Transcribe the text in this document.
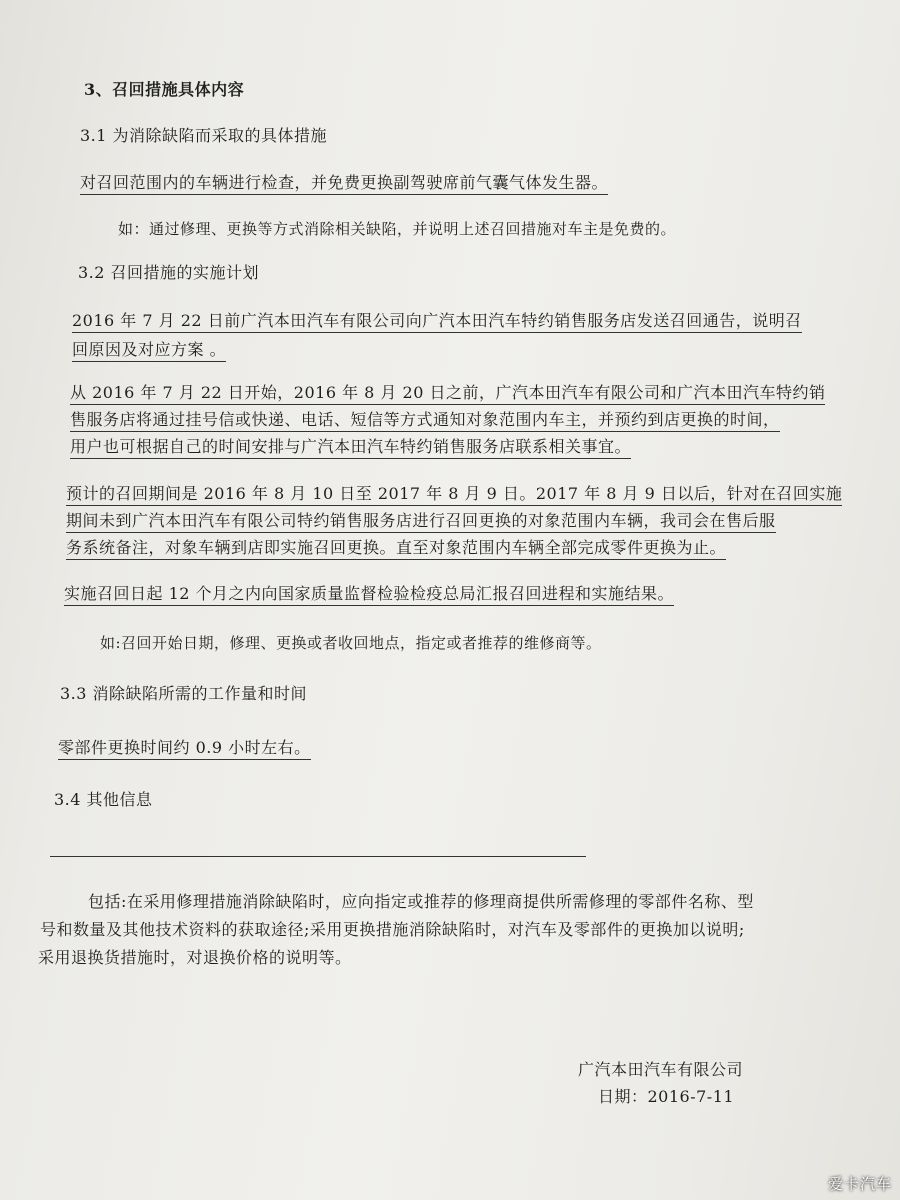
3、召回措施具体内容
3.1 为消除缺陷而采取的具体措施
对召回范围内的车辆进行检查，并免费更换副驾驶席前气囊气体发生器。
如：通过修理、更换等方式消除相关缺陷，并说明上述召回措施对车主是免费的。
3.2 召回措施的实施计划
2016 年 7 月 22 日前广汽本田汽车有限公司向广汽本田汽车特约销售服务店发送召回通告，说明召
回原因及对应方案 。
从 2016 年 7 月 22 日开始，2016 年 8 月 20 日之前，广汽本田汽车有限公司和广汽本田汽车特约销
售服务店将通过挂号信或快递、电话、短信等方式通知对象范围内车主，并预约到店更换的时间，
用户也可根据自己的时间安排与广汽本田汽车特约销售服务店联系相关事宜。
预计的召回期间是 2016 年 8 月 10 日至 2017 年 8 月 9 日。2017 年 8 月 9 日以后，针对在召回实施
期间未到广汽本田汽车有限公司特约销售服务店进行召回更换的对象范围内车辆，我司会在售后服
务系统备注，对象车辆到店即实施召回更换。直至对象范围内车辆全部完成零件更换为止。
实施召回日起 12 个月之内向国家质量监督检验检疫总局汇报召回进程和实施结果。
如:召回开始日期，修理、更换或者收回地点，指定或者推荐的维修商等。
3.3 消除缺陷所需的工作量和时间
零部件更换时间约 0.9 小时左右。
3.4 其他信息
包括:在采用修理措施消除缺陷时，应向指定或推荐的修理商提供所需修理的零部件名称、型
号和数量及其他技术资料的获取途径;采用更换措施消除缺陷时，对汽车及零部件的更换加以说明;
采用退换货措施时，对退换价格的说明等。
广汽本田汽车有限公司
日期：2016-7-11
爱卡汽车
